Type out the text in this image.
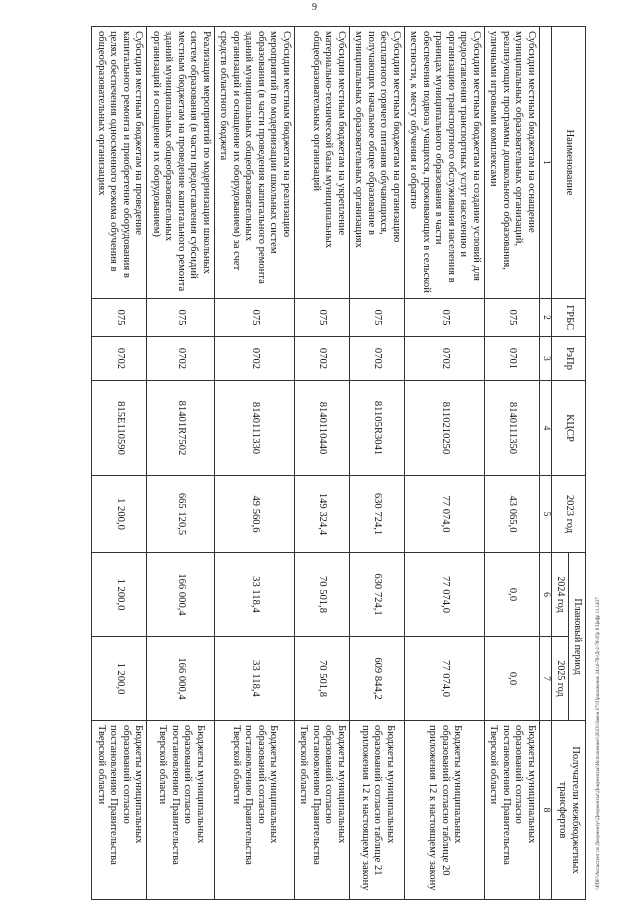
9
Наименование	ГРБС	РзПр	КЦСР	2023 год	Плановый период		Получатели межбюджетных трансфертов
					2024 год	2025 год	
1	2	3	4	5	6	7	8
Субсидии местным бюджетам на оснащение муниципальных образовательных организаций, реализующих программы дошкольного образования, уличными игровыми комплексами	075	0701	8140111350	43 065,0	0,0	0,0	Бюджеты муниципальных образований согласно постановлению Правительства Тверской области
Субсидии местным бюджетам на создание условий для предоставления транспортных услуг населению и организацию транспортного обслуживания населения в границах муниципального образования в части обеспечения подвоза учащихся, проживающих в сельской местности, к месту обучения и обратно	075	0702	8110210250	77 074,0	77 074,0	77 074,0	Бюджеты муниципальных образований согласно таблице 20 приложения 12 к настоящему закону
Субсидии местным бюджетам на организацию бесплатного горячего питания обучающихся, получающих начальное общее образование в муниципальных образовательных организациях	075	0702	81105R3041	630 724,1	630 724,1	609 844,2	Бюджеты муниципальных образований согласно таблице 21 приложения 12 к настоящему закону
Субсидии местным бюджетам на укрепление материально-технической базы муниципальных общеобразовательных организаций	075	0702	8140110440	149 324,4	70 501,8	70 501,8	Бюджеты муниципальных образований согласно постановлению Правительства Тверской области
Субсидии местным бюджетам на реализацию мероприятий по модернизации школьных систем образования (в части проведения капитального ремонта зданий муниципальных общеобразовательных организаций и оснащение их оборудованием) за счет средств областного бюджета	075	0702	8140111330	49 560,6	33 118,4	33 118,4	Бюджеты муниципальных образований согласно постановлению Правительства Тверской области
Реализация мероприятий по модернизации школьных систем образования (в части предоставления субсидий местным бюджетам на проведение капитального ремонта зданий муниципальных общеобразовательных организаций и оснащение их оборудованием)	075	0702	81401R7502	665 120,5	166 000,4	166 000,4	Бюджеты муниципальных образований согласно постановлению Правительства Тверской области
Субсидии местным бюджетам на проведение капитального ремонта и приобретение оборудования в целях обеспечения односменного режима обучения в общеобразовательных организациях	075	0702	815E110590	1 200,0	1 200,0	1 200,0	Бюджеты муниципальных образований согласно постановлению Правительства Тверской области	\\PDF\\Ассистент по Документу\\Документы\\Документы\\Исполнение\\2023\\Закон 07\\Приложение 24\\4-76\\Д-2-76\\Пр 8 Цифр 11.1437
